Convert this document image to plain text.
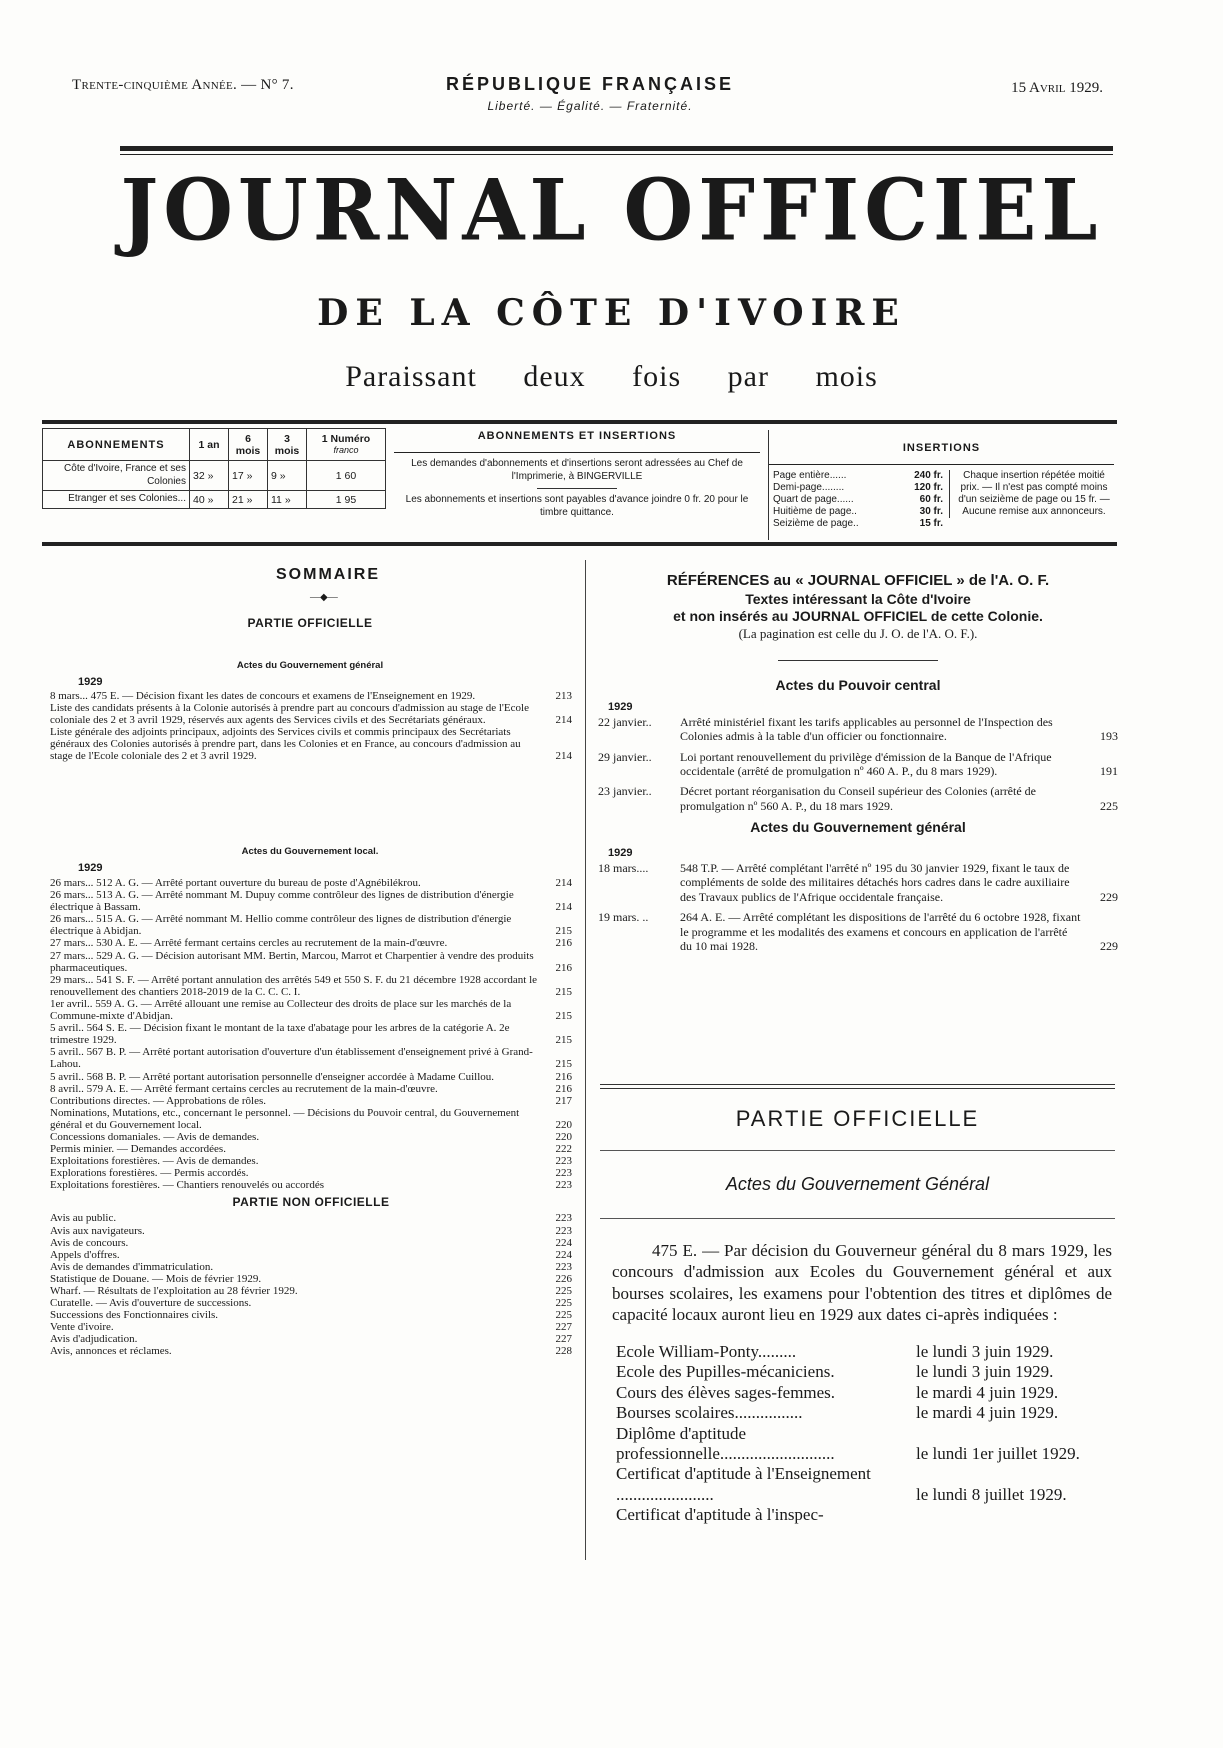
Trente-cinquième Année. — N° 7.	RÉPUBLIQUE FRANÇAISE
Liberté. — Égalité. — Fraternité.
15 Avril 1929.
JOURNAL OFFICIEL
DE LA CÔTE D'IVOIRE
Paraissant deux fois par mois
ABONNEMENTS	1 an	6 mois	3 mois	1 Numéro
franco
Côte d'Ivoire, France et ses Colonies	32 »	17 »	9 »	1 60
Etranger et ses Colonies...	40 »	21 »	11 »	1 95
ABONNEMENTS ET INSERTIONS
Les demandes d'abonnements et d'insertions seront adressées au Chef de l'Imprimerie, à BINGERVILLE
Les abonnements et insertions sont payables d'avance joindre 0 fr. 20 pour le timbre quittance.
INSERTIONS
Page entière......	240 fr.
Demi-page........	120 fr.
Quart de page......	60 fr.
Huitième de page..	30 fr.
Seizième de page..	15 fr.
Chaque insertion répétée moitié prix. — Il n'est pas compté moins d'un seizième de page ou 15 fr. — Aucune remise aux annonceurs.
SOMMAIRE
—◆—
PARTIE OFFICIELLE
Actes du Gouvernement général
1929
8 mars... 475 E. — Décision fixant les dates de concours et examens de l'Enseignement en 1929.	213
Liste des candidats présents à la Colonie autorisés à prendre part au concours d'admission au stage de l'Ecole coloniale des 2 et 3 avril 1929, réservés aux agents des Services civils et des Secrétariats généraux.	214
Liste générale des adjoints principaux, adjoints des Services civils et commis principaux des Secrétariats généraux des Colonies autorisés à prendre part, dans les Colonies et en France, au concours d'admission au stage de l'Ecole coloniale des 2 et 3 avril 1929.	214
Actes du Gouvernement local.
1929
26 mars... 512 A. G. — Arrêté portant ouverture du bureau de poste d'Agnébilékrou.	214
26 mars... 513 A. G. — Arrêté nommant M. Dupuy comme contrôleur des lignes de distribution d'énergie électrique à Bassam.	214
26 mars... 515 A. G. — Arrêté nommant M. Hellio comme contrôleur des lignes de distribution d'énergie électrique à Abidjan.	215
27 mars... 530 A. E. — Arrêté fermant certains cercles au recrutement de la main-d'œuvre.	216
27 mars... 529 A. G. — Décision autorisant MM. Bertin, Marcou, Marrot et Charpentier à vendre des produits pharmaceutiques.	216
29 mars... 541 S. F. — Arrêté portant annulation des arrêtés 549 et 550 S. F. du 21 décembre 1928 accordant le renouvellement des chantiers 2018-2019 de la C. C. C. I.	215
1er avril.. 559 A. G. — Arrêté allouant une remise au Collecteur des droits de place sur les marchés de la Commune-mixte d'Abidjan.	215
5 avril.. 564 S. E. — Décision fixant le montant de la taxe d'abatage pour les arbres de la catégorie A. 2e trimestre 1929.	215
5 avril.. 567 B. P. — Arrêté portant autorisation d'ouverture d'un établissement d'enseignement privé à Grand-Lahou.	215
5 avril.. 568 B. P. — Arrêté portant autorisation personnelle d'enseigner accordée à Madame Cuillou.	216
8 avril.. 579 A. E. — Arrêté fermant certains cercles au recrutement de la main-d'œuvre.	216
Contributions directes. — Approbations de rôles.	217
Nominations, Mutations, etc., concernant le personnel. — Décisions du Pouvoir central, du Gouvernement général et du Gouvernement local.	220
Concessions domaniales. — Avis de demandes.	220
Permis minier. — Demandes accordées.	222
Exploitations forestières. — Avis de demandes.	223
Explorations forestières. — Permis accordés.	223
Exploitations forestières. — Chantiers renouvelés ou accordés	223
PARTIE NON OFFICIELLE
Avis au public.	223
Avis aux navigateurs.	223
Avis de concours.	224
Appels d'offres.	224
Avis de demandes d'immatriculation.	223
Statistique de Douane. — Mois de février 1929.	226
Wharf. — Résultats de l'exploitation au 28 février 1929.	225
Curatelle. — Avis d'ouverture de successions.	225
Successions des Fonctionnaires civils.	225
Vente d'ivoire.	227
Avis d'adjudication.	227
Avis, annonces et réclames.	228
RÉFÉRENCES au « JOURNAL OFFICIEL » de l'A. O. F.
Textes intéressant la Côte d'Ivoire
et non insérés au JOURNAL OFFICIEL de cette Colonie.
(La pagination est celle du J. O. de l'A. O. F.).
Actes du Pouvoir central
1929
22 janvier.. Arrêté ministériel fixant les tarifs applicables au personnel de l'Inspection des Colonies admis à la table d'un officier ou fonctionnaire.	193
29 janvier.. Loi portant renouvellement du privilège d'émission de la Banque de l'Afrique occidentale (arrêté de promulgation nº 460 A. P., du 8 mars 1929).	191
23 janvier.. Décret portant réorganisation du Conseil supérieur des Colonies (arrêté de promulgation nº 560 A. P., du 18 mars 1929.	225
Actes du Gouvernement général
1929
18 mars....	548 T.P. — Arrêté complétant l'arrêté nº 195 du 30 janvier 1929, fixant le taux de compléments de solde des militaires détachés hors cadres dans le cadre auxiliaire des Travaux publics de l'Afrique occidentale française.	229
19 mars. ..	264 A. E. — Arrêté complétant les dispositions de l'arrêté du 6 octobre 1928, fixant le programme et les modalités des examens et concours en application de l'arrêté du 10 mai 1928.	229
PARTIE OFFICIELLE
Actes du Gouvernement Général
475 E. — Par décision du Gouverneur général du 8 mars 1929, les concours d'admission aux Ecoles du Gouvernement général et aux bourses scolaires, les examens pour l'obtention des titres et diplômes de capacité locaux auront lieu en 1929 aux dates ci-après indiquées :
Ecole William-Ponty.........	le lundi 3 juin 1929.
Ecole des Pupilles-mécaniciens.	le lundi 3 juin 1929.
Cours des élèves sages-femmes.	le mardi 4 juin 1929.
Bourses scolaires................	le mardi 4 juin 1929.
Diplôme d'aptitude professionnelle...........................	le lundi 1er juillet 1929.
Certificat d'aptitude à l'Enseignement .......................	le lundi 8 juillet 1929.
Certificat d'aptitude à l'inspec-
